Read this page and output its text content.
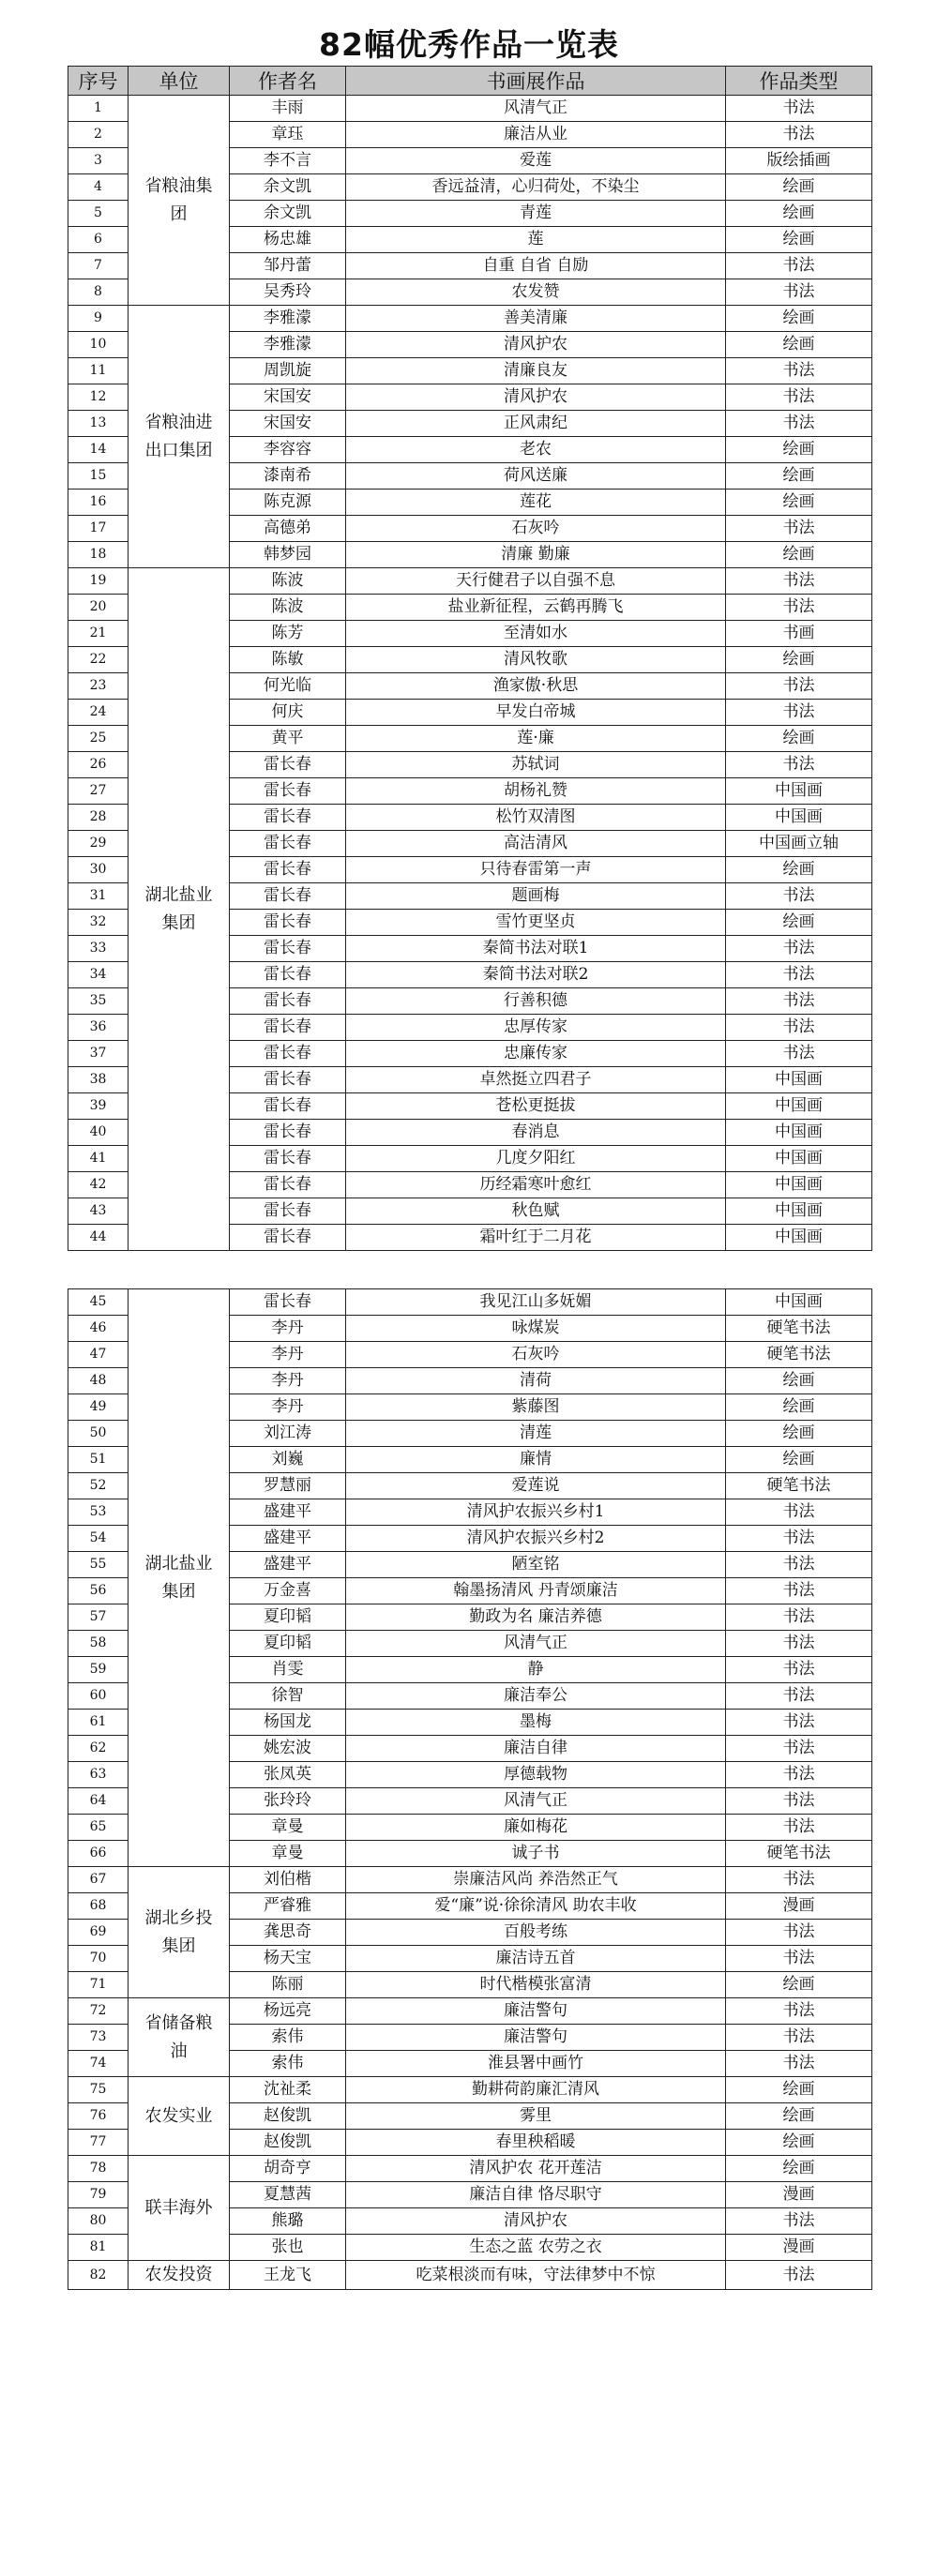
82幅优秀作品一览表
序号	单位	作者名	书画展作品	作品类型
1	省粮油集团	丰雨	风清气正	书法
2		章珏	廉洁从业	书法
3		李不言	爱莲	版绘插画
4		余文凯	香远益清，心归荷处，不染尘	绘画
5		余文凯	青莲	绘画
6		杨忠雄	莲	绘画
7		邹丹蕾	自重 自省 自励	书法
8		吴秀玲	农发赞	书法
9	省粮油进出口集团	李雅濛	善美清廉	绘画
10		李雅濛	清风护农	绘画
11		周凯旋	清廉良友	书法
12		宋国安	清风护农	书法
13		宋国安	正风肃纪	书法
14		李容容	老农	绘画
15		漆南希	荷风送廉	绘画
16		陈克源	莲花	绘画
17		高德弟	石灰吟	书法
18		韩梦园	清廉 勤廉	绘画
19	湖北盐业集团	陈波	天行健君子以自强不息	书法
20		陈波	盐业新征程，云鹤再腾飞	书法
21		陈芳	至清如水	书画
22		陈敏	清风牧歌	绘画
23		何光临	渔家傲·秋思	书法
24		何庆	早发白帝城	书法
25		黄平	莲·廉	绘画
26		雷长春	苏轼词	书法
27		雷长春	胡杨礼赞	中国画
28		雷长春	松竹双清图	中国画
29		雷长春	高洁清风	中国画立轴
30		雷长春	只待春雷第一声	绘画
31		雷长春	题画梅	书法
32		雷长春	雪竹更坚贞	绘画
33		雷长春	秦简书法对联1	书法
34		雷长春	秦简书法对联2	书法
35		雷长春	行善积德	书法
36		雷长春	忠厚传家	书法
37		雷长春	忠廉传家	书法
38		雷长春	卓然挺立四君子	中国画
39		雷长春	苍松更挺拔	中国画
40		雷长春	春消息	中国画
41		雷长春	几度夕阳红	中国画
42		雷长春	历经霜寒叶愈红	中国画
43		雷长春	秋色赋	中国画
44		雷长春	霜叶红于二月花	中国画
45	湖北盐业集团	雷长春	我见江山多妩媚	中国画
46		李丹	咏煤炭	硬笔书法
47		李丹	石灰吟	硬笔书法
48		李丹	清荷	绘画
49		李丹	紫藤图	绘画
50		刘江涛	清莲	绘画
51		刘巍	廉情	绘画
52		罗慧丽	爱莲说	硬笔书法
53		盛建平	清风护农振兴乡村1	书法
54		盛建平	清风护农振兴乡村2	书法
55		盛建平	陋室铭	书法
56		万金喜	翰墨扬清风 丹青颂廉洁	书法
57		夏印韬	勤政为名 廉洁养德	书法
58		夏印韬	风清气正	书法
59		肖雯	静	书法
60		徐智	廉洁奉公	书法
61		杨国龙	墨梅	书法
62		姚宏波	廉洁自律	书法
63		张凤英	厚德载物	书法
64		张玲玲	风清气正	书法
65		章曼	廉如梅花	书法
66		章曼	诚子书	硬笔书法
67	湖北乡投集团	刘伯楷	崇廉洁风尚 养浩然正气	书法
68		严睿雅	爱“廉”说·徐徐清风 助农丰收	漫画
69		龚思奇	百般考练	书法
70		杨天宝	廉洁诗五首	书法
71		陈丽	时代楷模张富清	绘画
72	省储备粮油	杨远亮	廉洁警句	书法
73		索伟	廉洁警句	书法
74		索伟	淮县署中画竹	书法
75	农发实业	沈祉柔	勤耕荷韵廉汇清风	绘画
76		赵俊凯	雾里	绘画
77		赵俊凯	春里秧稻暖	绘画
78	联丰海外	胡奇亨	清风护农 花开莲洁	绘画
79		夏慧茜	廉洁自律 恪尽职守	漫画
80		熊璐	清风护农	书法
81		张也	生态之蓝 农劳之衣	漫画
82	农发投资	王龙飞	吃菜根淡而有味，守法律梦中不惊	书法
